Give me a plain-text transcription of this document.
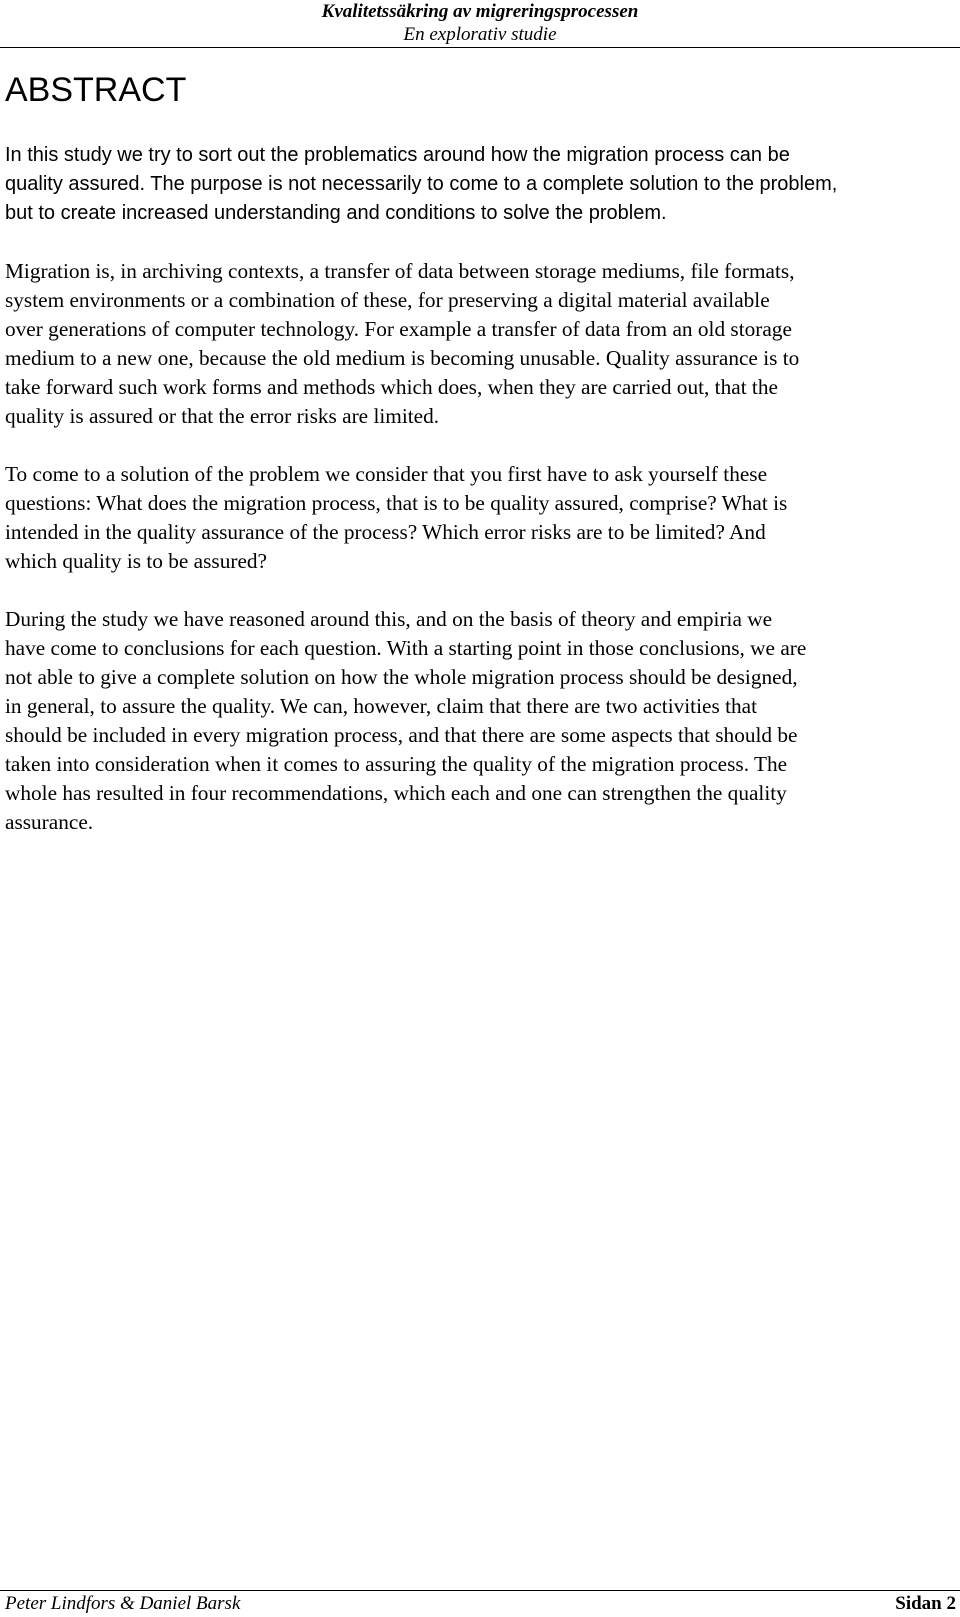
Kvalitetssäkring av migreringsprocessen
En explorativ studie
ABSTRACT

In this study we try to sort out the problematics around how the migration process can be
quality assured. The purpose is not necessarily to come to a complete solution to the problem,
but to create increased understanding and conditions to solve the problem.

Migration is, in archiving contexts, a transfer of data between storage mediums, file formats,
system environments or a combination of these, for preserving a digital material available
over generations of computer technology. For example a transfer of data from an old storage
medium to a new one, because the old medium is becoming unusable. Quality assurance is to
take forward such work forms and methods which does, when they are carried out, that the
quality is assured or that the error risks are limited.

To come to a solution of the problem we consider that you first have to ask yourself these
questions: What does the migration process, that is to be quality assured, comprise? What is
intended in the quality assurance of the process? Which error risks are to be limited? And
which quality is to be assured?

During the study we have reasoned around this, and on the basis of theory and empiria we
have come to conclusions for each question. With a starting point in those conclusions, we are
not able to give a complete solution on how the whole migration process should be designed,
in general, to assure the quality. We can, however, claim that there are two activities that
should be included in every migration process, and that there are some aspects that should be
taken into consideration when it comes to assuring the quality of the migration process. The
whole has resulted in four recommendations, which each and one can strengthen the quality
assurance.

Peter Lindfors & Daniel Barsk	Sidan 2
